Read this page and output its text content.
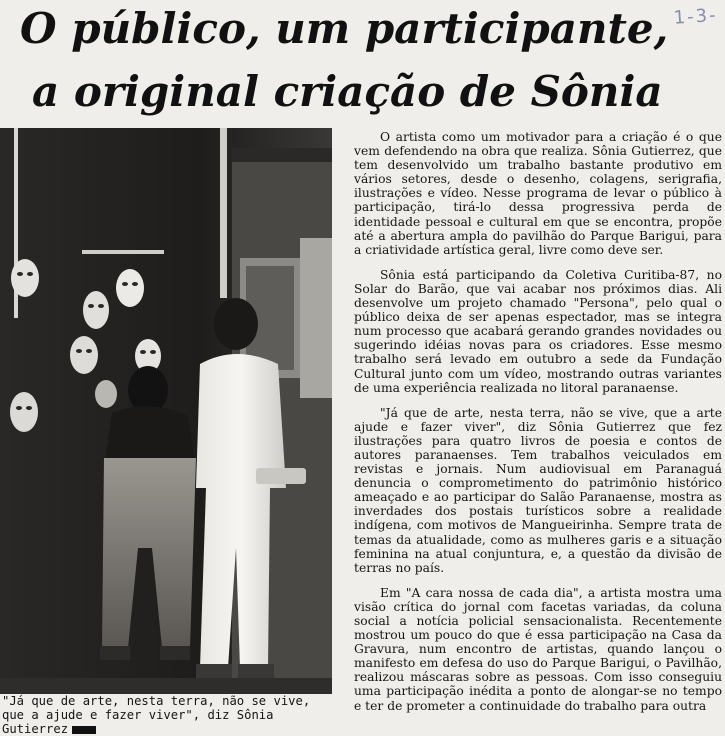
O público, um participante,
a original criação de Sônia
1-3-
"Já que de arte, nesta terra, não se vive, que a ajude e fazer viver", diz Sônia Gutierrez

O artista como um motivador para a criação é o que vem defendendo na obra que realiza. Sônia Gutierrez, que tem desenvolvido um trabalho bastante produtivo em vários setores, desde o desenho, colagens, serigrafia, ilustrações e vídeo. Nesse programa de levar o público à participação, tirá-lo dessa progressiva perda de identidade pessoal e cultural em que se encontra, propõe até a abertura ampla do pavilhão do Parque Barigui, para a criatividade artística geral, livre como deve ser.

Sônia está participando da Coletiva Curitiba-87, no Solar do Barão, que vai acabar nos próximos dias. Ali desenvolve um projeto chamado "Persona", pelo qual o público deixa de ser apenas espectador, mas se integra num processo que acabará gerando grandes novidades ou sugerindo idéias novas para os criadores. Esse mesmo trabalho será levado em outubro a sede da Fundação Cultural junto com um vídeo, mostrando outras variantes de uma experiência realizada no litoral paranaense.

"Já que de arte, nesta terra, não se vive, que a arte ajude e fazer viver", diz Sônia Gutierrez que fez ilustrações para quatro livros de poesia e contos de autores paranaenses. Tem trabalhos veiculados em revistas e jornais. Num audiovisual em Paranaguá denuncia o comprometimento do patrimônio histórico ameaçado e ao participar do Salão Paranaense, mostra as inverdades dos postais turísticos sobre a realidade indígena, com motivos de Mangueirinha. Sempre trata de temas da atualidade, como as mulheres garis e a situação feminina na atual conjuntura, e, a questão da divisão de terras no país.

Em "A cara nossa de cada dia", a artista mostra uma visão crítica do jornal com facetas variadas, da coluna social a notícia policial sensacionalista. Recentemente mostrou um pouco do que é essa participação na Casa da Gravura, num encontro de artistas, quando lançou o manifesto em defesa do uso do Parque Barigui, o Pavilhão, realizou máscaras sobre as pessoas. Com isso conseguiu uma participação inédita a ponto de alongar-se no tempo e ter de prometer a continuidade do trabalho para outra
